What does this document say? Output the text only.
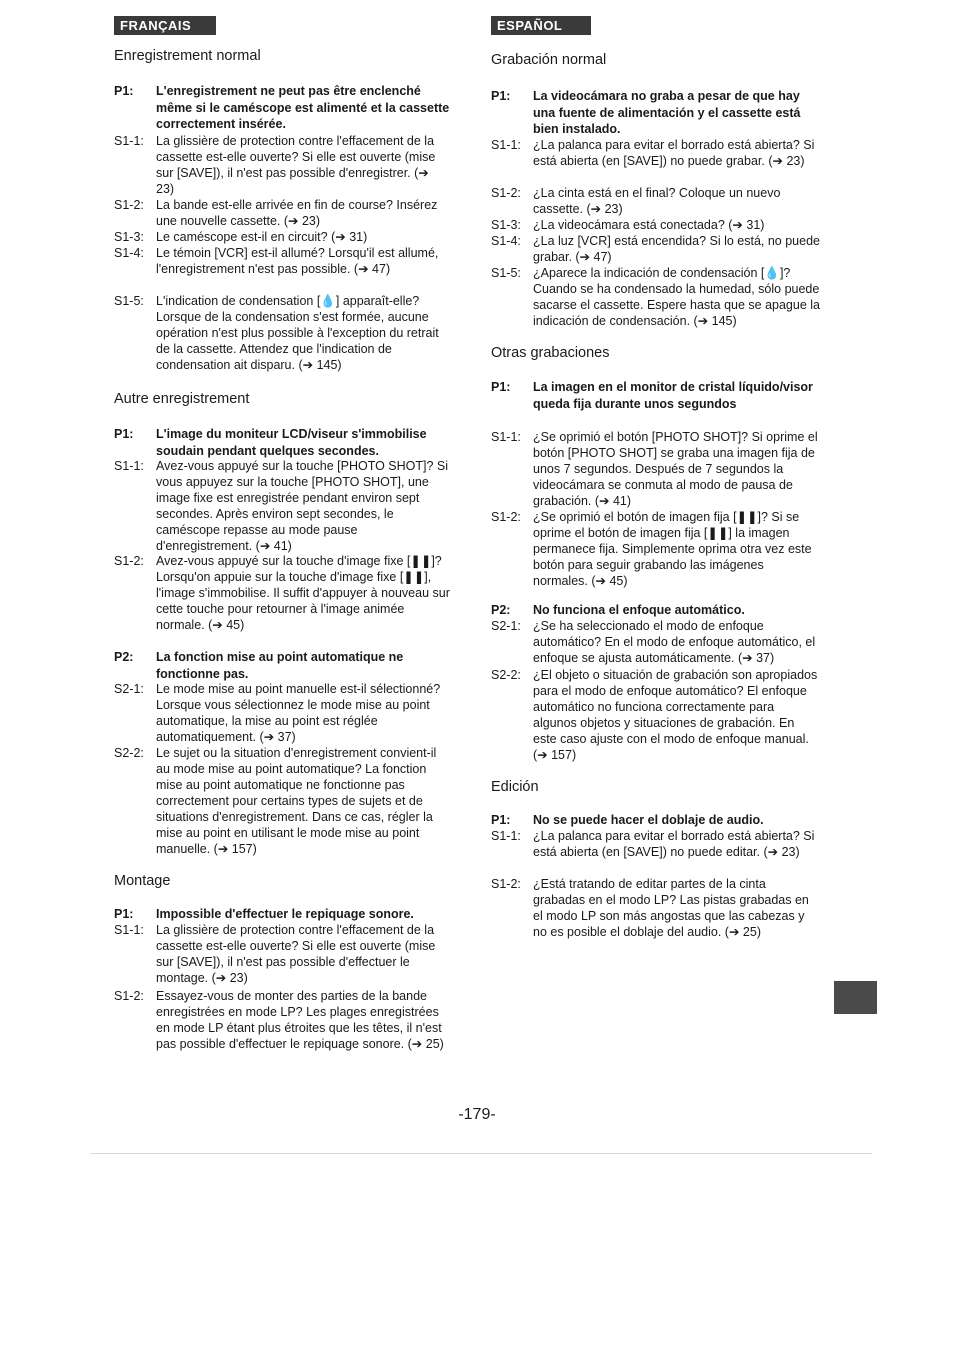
FRANÇAIS
Enregistrement normal
P1:	L'enregistrement ne peut pas être enclenché même si le caméscope est alimenté et la cassette correctement insérée.
S1-1: La glissière de protection contre l'effacement de la cassette est-elle ouverte? Si elle est ouverte (mise sur [SAVE]), il n'est pas possible d'enregistrer. (➔ 23)
S1-2: La bande est-elle arrivée en fin de course? Insérez une nouvelle cassette. (➔ 23)
S1-3: Le caméscope est-il en circuit? (➔ 31)
S1-4: Le témoin [VCR] est-il allumé? Lorsqu'il est allumé, l'enregistrement n'est pas possible. (➔ 47)
S1-5: L'indication de condensation [💧] apparaît-elle? Lorsque de la condensation s'est formée, aucune opération n'est plus possible à l'exception du retrait de la cassette. Attendez que l'indication de condensation ait disparu. (➔ 145)
Autre enregistrement
P1:	L'image du moniteur LCD/viseur s'immobilise soudain pendant quelques secondes.
S1-1: Avez-vous appuyé sur la touche [PHOTO SHOT]? Si vous appuyez sur la touche [PHOTO SHOT], une image fixe est enregistrée pendant environ sept secondes. Après environ sept secondes, le caméscope repasse au mode pause d'enregistrement. (➔ 41)
S1-2: Avez-vous appuyé sur la touche d'image fixe [❚❚]? Lorsqu'on appuie sur la touche d'image fixe [❚❚], l'image s'immobilise. Il suffit d'appuyer à nouveau sur cette touche pour retourner à l'image animée normale. (➔ 45)
P2:	La fonction mise au point automatique ne fonctionne pas.
S2-1: Le mode mise au point manuelle est-il sélectionné? Lorsque vous sélectionnez le mode mise au point automatique, la mise au point est réglée automatiquement. (➔ 37)
S2-2: Le sujet ou la situation d'enregistrement convient-il au mode mise au point automatique? La fonction mise au point automatique ne fonctionne pas correctement pour certains types de sujets et de situations d'enregistrement. Dans ce cas, régler la mise au point en utilisant le mode mise au point manuelle. (➔ 157)
Montage
P1:	Impossible d'effectuer le repiquage sonore.
S1-1: La glissière de protection contre l'effacement de la cassette est-elle ouverte? Si elle est ouverte (mise sur [SAVE]), il n'est pas possible d'effectuer le montage. (➔ 23)
S1-2: Essayez-vous de monter des parties de la bande enregistrées en mode LP? Les plages enregistrées en mode LP étant plus étroites que les têtes, il n'est pas possible d'effectuer le repiquage sonore. (➔ 25)
ESPAÑOL
Grabación normal
P1:	La videocámara no graba a pesar de que hay una fuente de alimentación y el cassette está bien instalado.
S1-1: ¿La palanca para evitar el borrado está abierta? Si está abierta (en [SAVE]) no puede grabar. (➔ 23)
S1-2: ¿La cinta está en el final? Coloque un nuevo cassette. (➔ 23)
S1-3: ¿La videocámara está conectada? (➔ 31)
S1-4: ¿La luz [VCR] está encendida? Si lo está, no puede grabar. (➔ 47)
S1-5: ¿Aparece la indicación de condensación [💧]? Cuando se ha condensado la humedad, sólo puede sacarse el cassette. Espere hasta que se apague la indicación de condensación. (➔ 145)
Otras grabaciones
P1:	La imagen en el monitor de cristal líquido/visor queda fija durante unos segundos
S1-1: ¿Se oprimió el botón [PHOTO SHOT]? Si oprime el botón [PHOTO SHOT] se graba una imagen fija de unos 7 segundos. Después de 7 segundos la videocámara se conmuta al modo de pausa de grabación. (➔ 41)
S1-2: ¿Se oprimió el botón de imagen fija [❚❚]? Si se oprime el botón de imagen fija [❚❚] la imagen permanece fija. Simplemente oprima otra vez este botón para seguir grabando las imágenes normales. (➔ 45)
P2:	No funciona el enfoque automático.
S2-1: ¿Se ha seleccionado el modo de enfoque automático? En el modo de enfoque automático, el enfoque se ajusta automáticamente. (➔ 37)
S2-2: ¿El objeto o situación de grabación son apropiados para el modo de enfoque automático? El enfoque automático no funciona correctamente para algunos objetos y situaciones de grabación. En este caso ajuste con el modo de enfoque manual. (➔ 157)
Edición
P1:	No se puede hacer el doblaje de audio.
S1-1: ¿La palanca para evitar el borrado está abierta? Si está abierta (en [SAVE]) no puede editar. (➔ 23)
S1-2: ¿Está tratando de editar partes de la cinta grabadas en el modo LP? Las pistas grabadas en el modo LP son más angostas que las cabezas y no es posible el doblaje del audio. (➔ 25)
-179-
